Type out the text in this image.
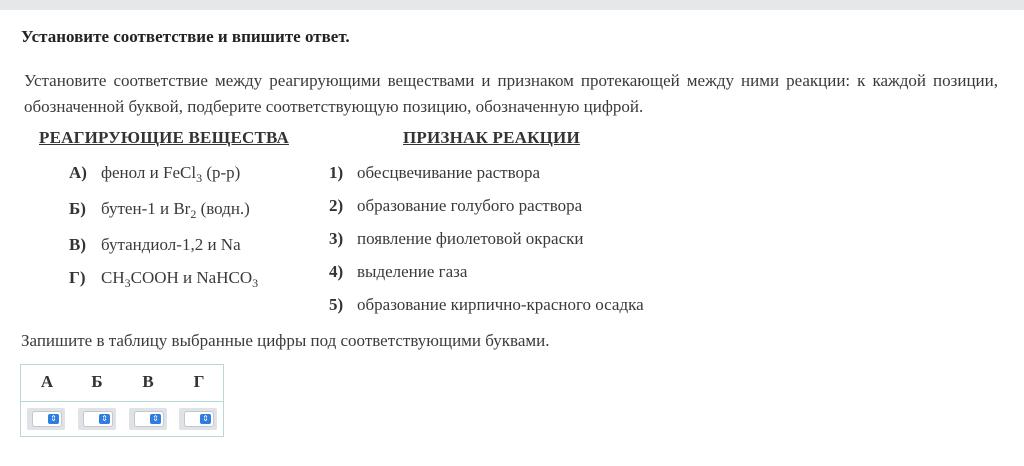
Установите соответствие и впишите ответ.
Установите соответствие между реагирующими веществами и признаком протекающей между ними реакции: к каждой позиции, обозначенной буквой, подберите соответствующую позицию, обозначенную цифрой.
РЕАГИРУЮЩИЕ ВЕЩЕСТВА	ПРИЗНАК РЕАКЦИИ
А) фенол и FeCl$_3$ (р-р)
Б) бутен-1 и $Br_2$ (водн.)
В) бутандиол-1,2 и Na
Г) $CH_3COOH$ и NaHCO$_3$
1) обесцвечивание раствора
2) образование голубого раствора
3) появление фиолетовой окраски
4) выделение газа
5) образование кирпично-красного осадка
Запишите в таблицу выбранные цифры под соответствующими буквами.
А	Б	В	Г
⇕	⇕	⇕	⇕
